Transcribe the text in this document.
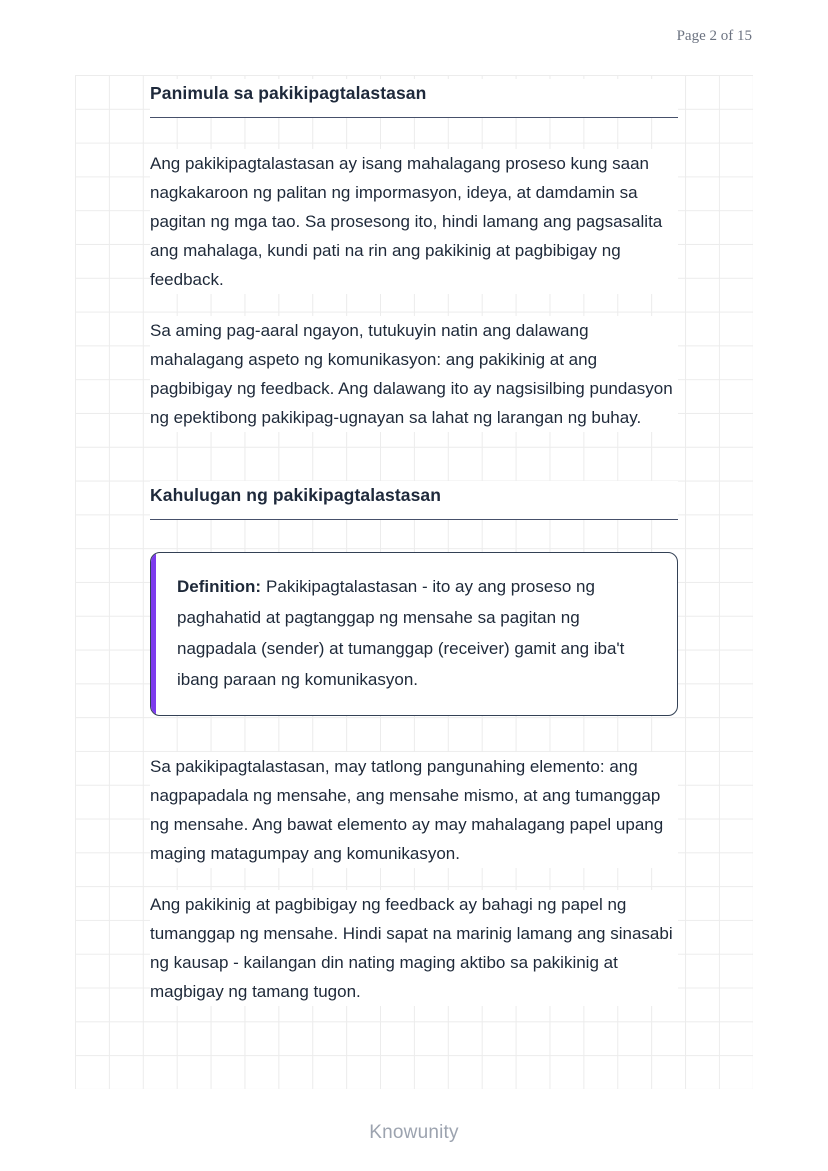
Page 2 of 15
Panimula sa pakikipagtalastasan

Ang pakikipagtalastasan ay isang mahalagang proseso kung saan nagkakaroon ng palitan ng impormasyon, ideya, at damdamin sa pagitan ng mga tao. Sa prosesong ito, hindi lamang ang pagsasalita ang mahalaga, kundi pati na rin ang pakikinig at pagbibigay ng feedback.

Sa aming pag-aaral ngayon, tutukuyin natin ang dalawang mahalagang aspeto ng komunikasyon: ang pakikinig at ang pagbibigay ng feedback. Ang dalawang ito ay nagsisilbing pundasyon ng epektibong pakikipag-ugnayan sa lahat ng larangan ng buhay.

Kahulugan ng pakikipagtalastasan

Definition: Pakikipagtalastasan - ito ay ang proseso ng paghahatid at pagtanggap ng mensahe sa pagitan ng nagpadala (sender) at tumanggap (receiver) gamit ang iba't ibang paraan ng komunikasyon.

Sa pakikipagtalastasan, may tatlong pangunahing elemento: ang nagpapadala ng mensahe, ang mensahe mismo, at ang tumanggap ng mensahe. Ang bawat elemento ay may mahalagang papel upang maging matagumpay ang komunikasyon.

Ang pakikinig at pagbibigay ng feedback ay bahagi ng papel ng tumanggap ng mensahe. Hindi sapat na marinig lamang ang sinasabi ng kausap - kailangan din nating maging aktibo sa pakikinig at magbigay ng tamang tugon.

Knowunity
